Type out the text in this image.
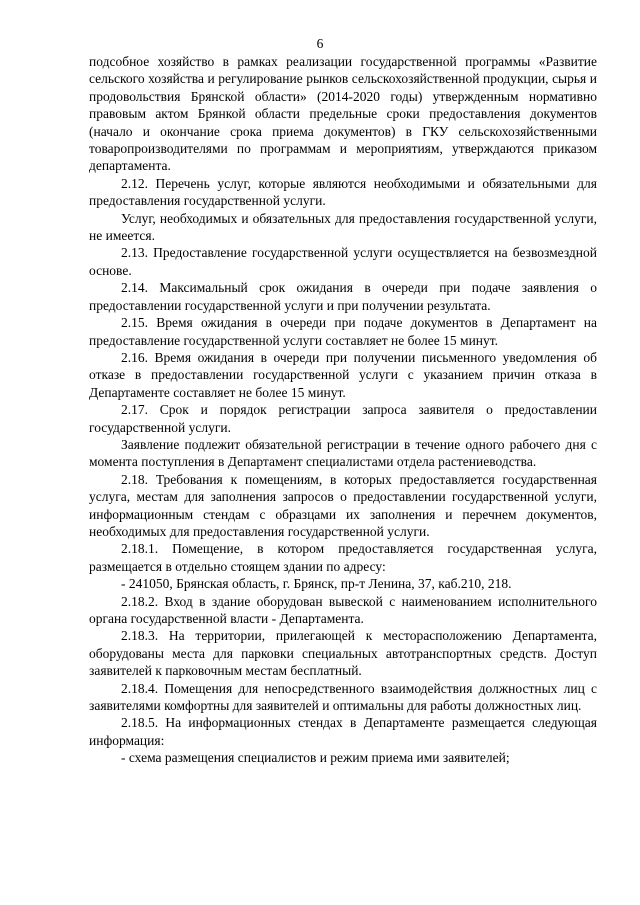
6

подсобное хозяйство в рамках реализации государственной программы «Развитие сельского хозяйства и регулирование рынков сельскохозяйственной продукции, сырья и продовольствия Брянской области» (2014-2020 годы) утвержденным нормативно правовым актом Брянкой области предельные сроки предоставления документов (начало и окончание срока приема документов) в ГКУ сельскохозяйственными товаропроизводителями по программам и мероприятиям, утверждаются приказом департамента.

2.12. Перечень услуг, которые являются необходимыми и обязательными для предоставления государственной услуги.

Услуг, необходимых и обязательных для предоставления государственной услуги, не имеется.

2.13. Предоставление государственной услуги осуществляется на безвозмездной основе.

2.14. Максимальный срок ожидания в очереди при подаче заявления о предоставлении государственной услуги и при получении результата.

2.15. Время ожидания в очереди при подаче документов в Департамент на предоставление государственной услуги составляет не более 15 минут.

2.16. Время ожидания в очереди при получении письменного уведомления об отказе в предоставлении государственной услуги с указанием причин отказа в Департаменте составляет не более 15 минут.

2.17. Срок и порядок регистрации запроса заявителя о предоставлении государственной услуги.

Заявление подлежит обязательной регистрации в течение одного рабочего дня с момента поступления в Департамент специалистами отдела растениеводства.

2.18. Требования к помещениям, в которых предоставляется государственная услуга, местам для заполнения запросов о предоставлении государственной услуги, информационным стендам с образцами их заполнения и перечнем документов, необходимых для предоставления государственной услуги.

2.18.1. Помещение, в котором предоставляется государственная услуга, размещается в отдельно стоящем здании по адресу:

- 241050, Брянская область, г. Брянск, пр-т Ленина, 37, каб.210, 218.

2.18.2. Вход в здание оборудован вывеской с наименованием исполнительного органа государственной власти - Департамента.

2.18.3. На территории, прилегающей к месторасположению Департамента, оборудованы места для парковки специальных автотранспортных средств. Доступ заявителей к парковочным местам бесплатный.

2.18.4. Помещения для непосредственного взаимодействия должностных лиц с заявителями комфортны для заявителей и оптимальны для работы должностных лиц.

2.18.5. На информационных стендах в Департаменте размещается следующая информация:

- схема размещения специалистов и режим приема ими заявителей;
